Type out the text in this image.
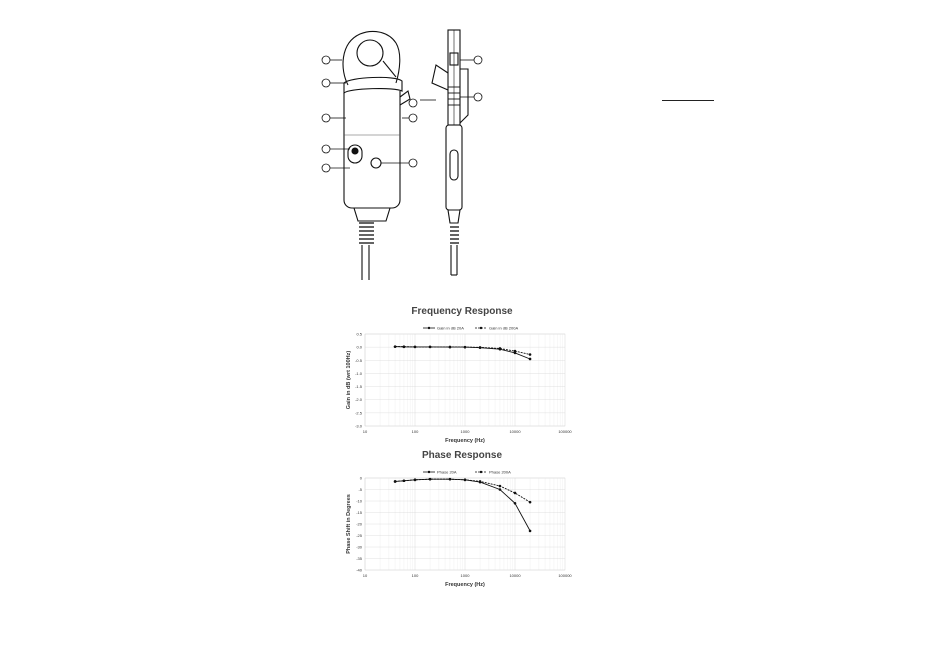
Frequency Response
0.5
0.0
-0.5
-1.0
-1.5
-2.0
-2.5
-3.0
10	100	1000	10000	100000
Frequency (Hz)
Gain in dB (wrt 100Hz)
Gain in dB 20A	Gain in dB 200A
Phase Response
0
-5
-10
-15
-20
-25
-30
-35
-40
10	100	1000	10000	100000
Frequency (Hz)
Phase Shift in Degrees
Phase 20A	Phase 200A
